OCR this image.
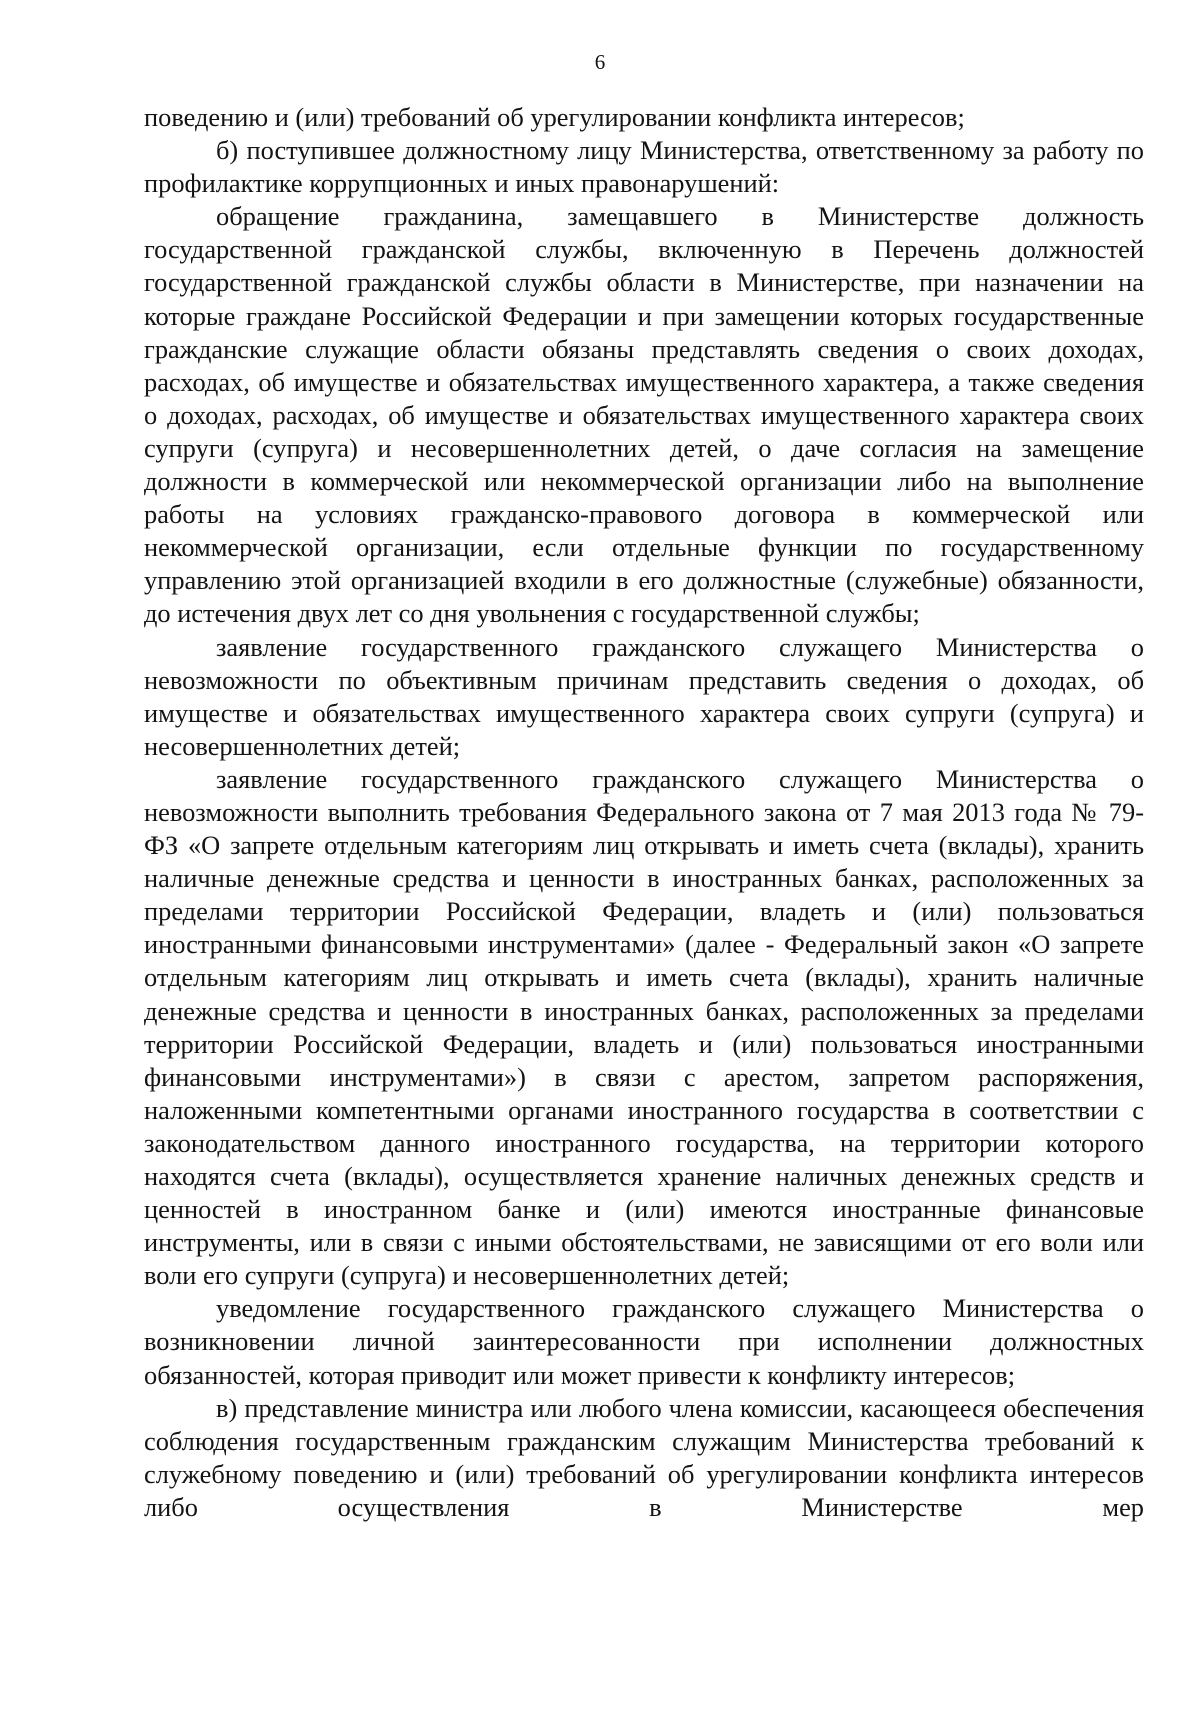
6

поведению и (или) требований об урегулировании конфликта интересов;

б) поступившее должностному лицу Министерства, ответственному за работу по профилактике коррупционных и иных правонарушений:

обращение гражданина, замещавшего в Министерстве должность государственной гражданской службы, включенную в Перечень должностей государственной гражданской службы области в Министерстве, при назначении на которые граждане Российской Федерации и при замещении которых государственные гражданские служащие области обязаны представлять сведения о своих доходах, расходах, об имуществе и обязательствах имущественного характера, а также сведения о доходах, расходах, об имуществе и обязательствах имущественного характера своих супруги (супруга) и несовершеннолетних детей, о даче согласия на замещение должности в коммерческой или некоммерческой организации либо на выполнение работы на условиях гражданско-правового договора в коммерческой или некоммерческой организации, если отдельные функции по государственному управлению этой организацией входили в его должностные (служебные) обязанности, до истечения двух лет со дня увольнения с государственной службы;

заявление государственного гражданского служащего Министерства о невозможности по объективным причинам представить сведения о доходах, об имуществе и обязательствах имущественного характера своих супруги (супруга) и несовершеннолетних детей;

заявление государственного гражданского служащего Министерства о невозможности выполнить требования Федерального закона от 7 мая 2013 года № 79-ФЗ «О запрете отдельным категориям лиц открывать и иметь счета (вклады), хранить наличные денежные средства и ценности в иностранных банках, расположенных за пределами территории Российской Федерации, владеть и (или) пользоваться иностранными финансовыми инструментами» (далее - Федеральный закон «О запрете отдельным категориям лиц открывать и иметь счета (вклады), хранить наличные денежные средства и ценности в иностранных банках, расположенных за пределами территории Российской Федерации, владеть и (или) пользоваться иностранными финансовыми инструментами») в связи с арестом, запретом распоряжения, наложенными компетентными органами иностранного государства в соответствии с законодательством данного иностранного государства, на территории которого находятся счета (вклады), осуществляется хранение наличных денежных средств и ценностей в иностранном банке и (или) имеются иностранные финансовые инструменты, или в связи с иными обстоятельствами, не зависящими от его воли или воли его супруги (супруга) и несовершеннолетних детей;

уведомление государственного гражданского служащего Министерства о возникновении личной заинтересованности при исполнении должностных обязанностей, которая приводит или может привести к конфликту интересов;

в) представление министра или любого члена комиссии, касающееся обеспечения соблюдения государственным гражданским служащим Министерства требований к служебному поведению и (или) требований об урегулировании конфликта интересов либо осуществления в Министерстве мер
